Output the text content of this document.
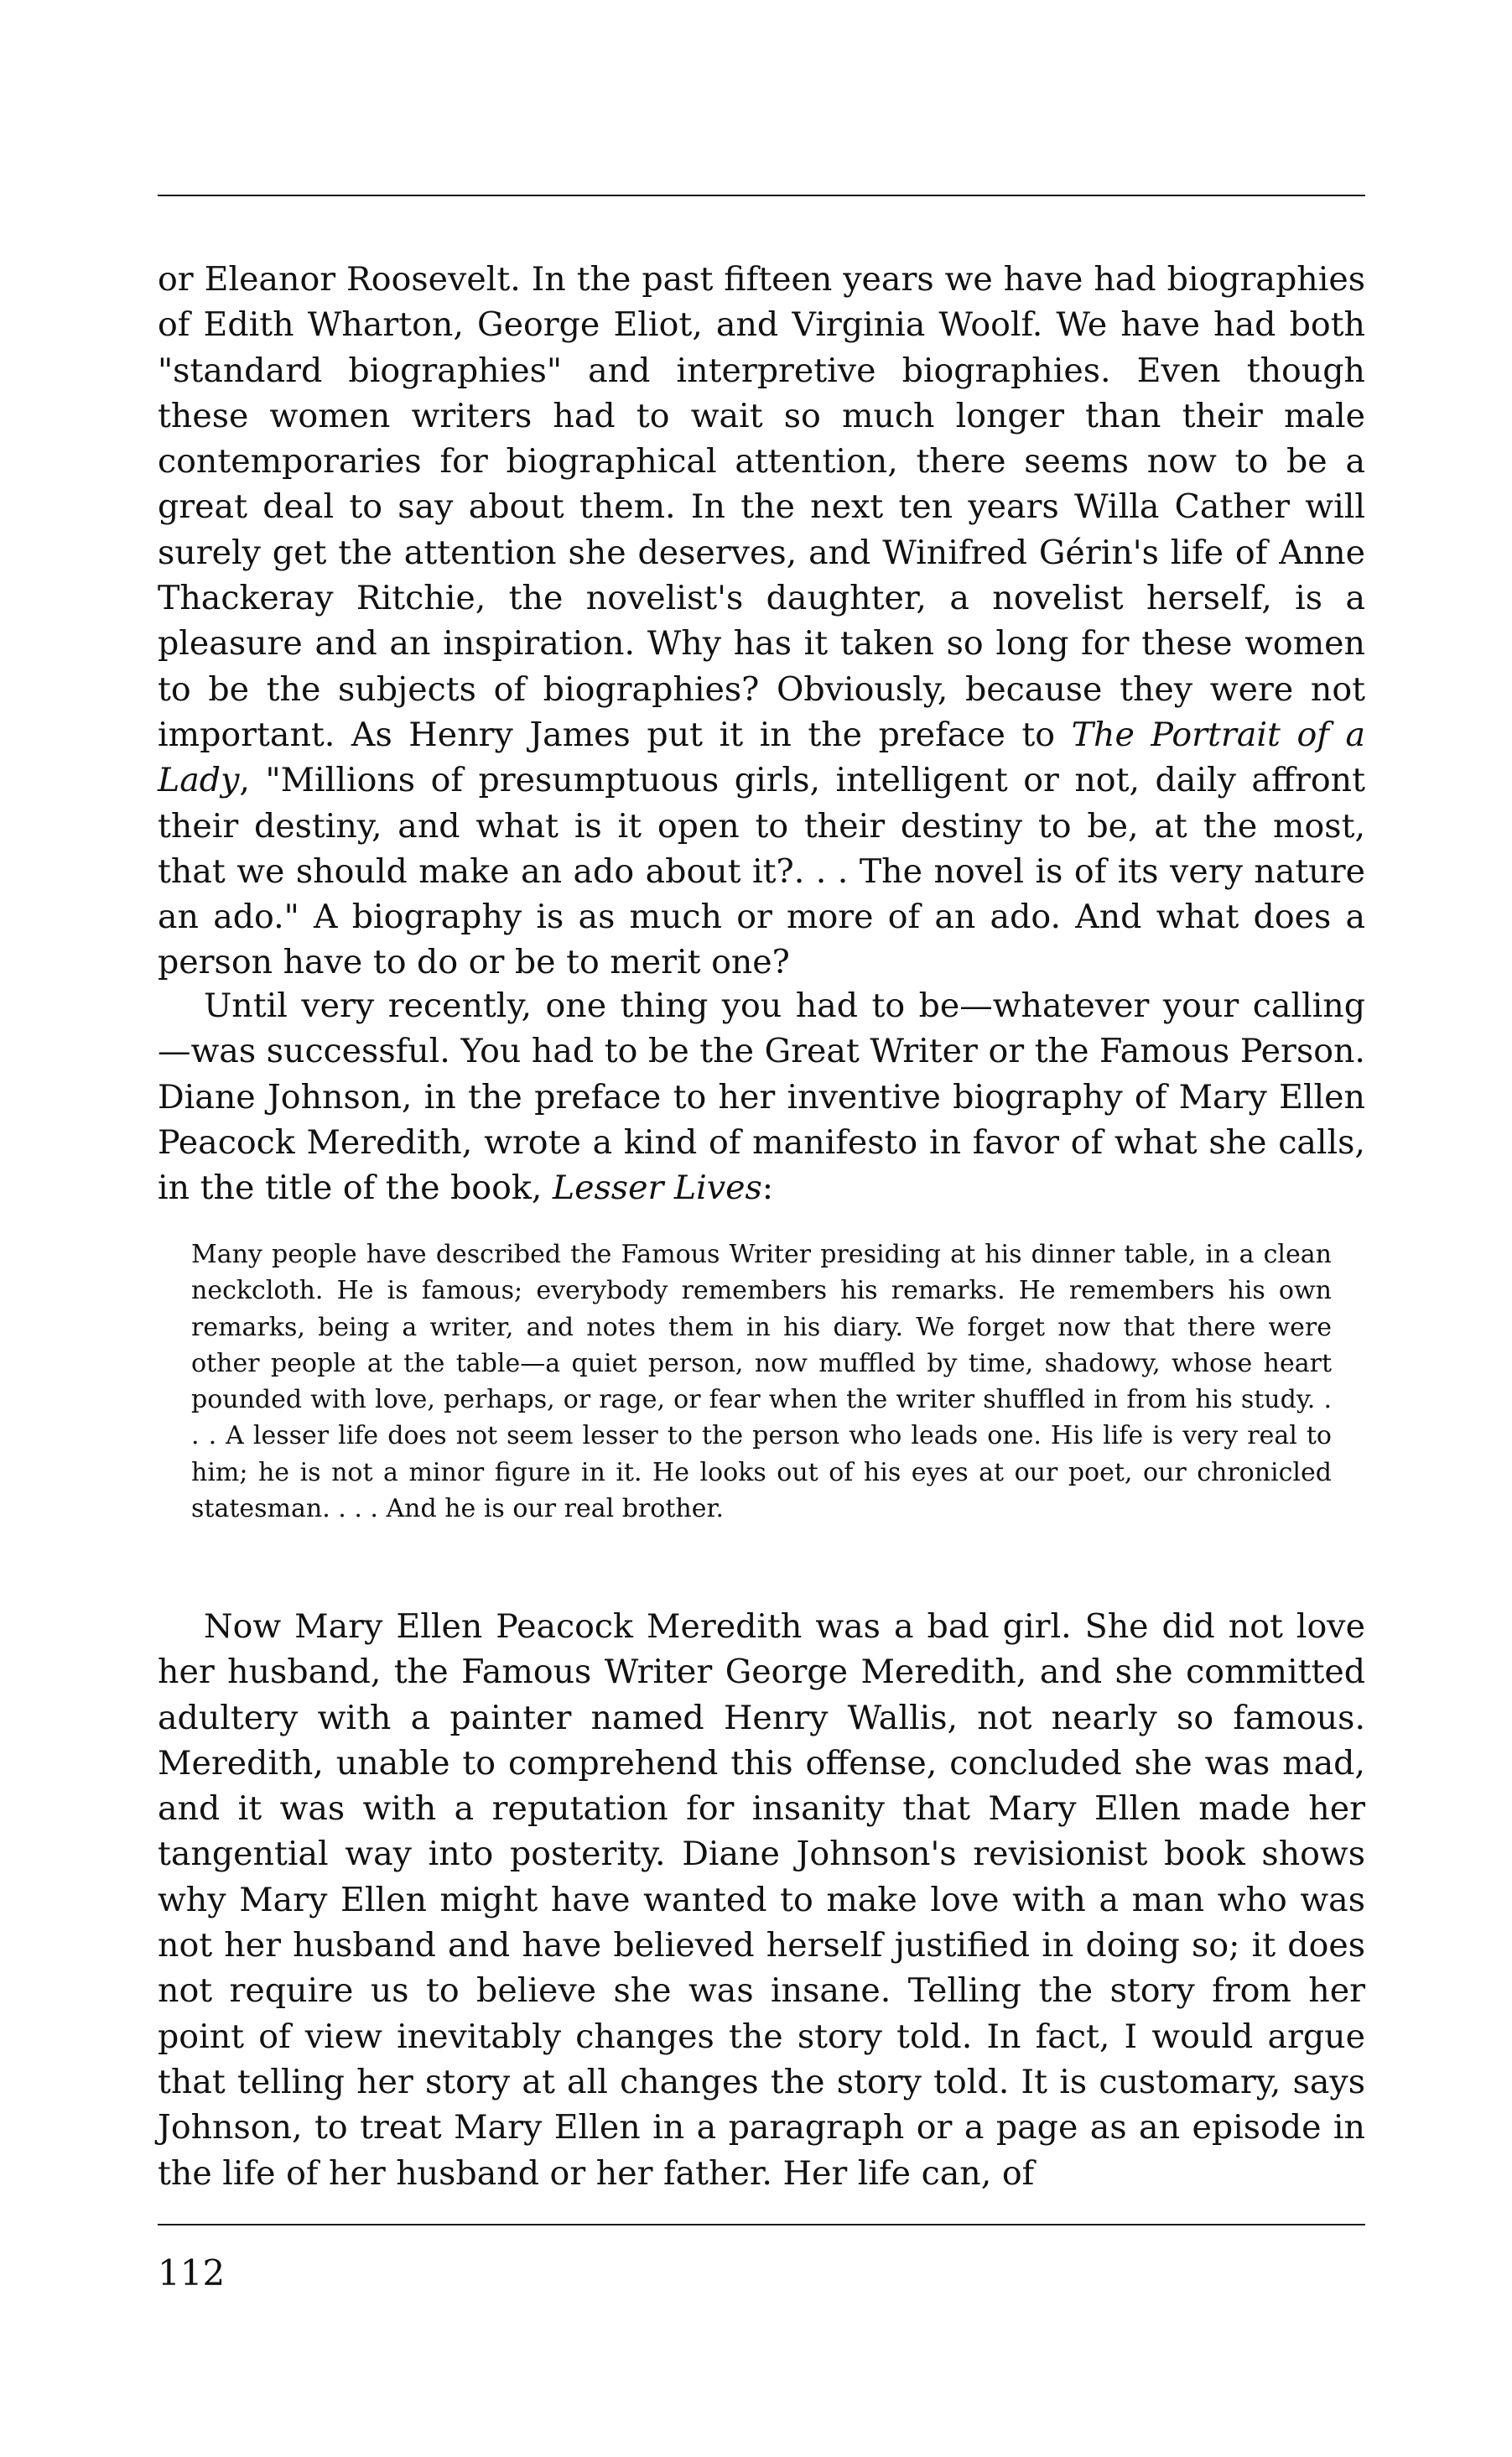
or Eleanor Roosevelt. In the past fifteen years we have had biographies of Edith Wharton, George Eliot, and Virginia Woolf. We have had both "standard biographies" and interpretive biographies. Even though these women writers had to wait so much longer than their male contemporaries for biographical attention, there seems now to be a great deal to say about them. In the next ten years Willa Cather will surely get the attention she deserves, and Winifred Gérin's life of Anne Thackeray Ritchie, the novelist's daughter, a novelist herself, is a pleasure and an inspiration. Why has it taken so long for these women to be the subjects of biographies? Obviously, because they were not important. As Henry James put it in the preface to The Portrait of a Lady, "Millions of presumptuous girls, intelligent or not, daily affront their destiny, and what is it open to their destiny to be, at the most, that we should make an ado about it?. . . The novel is of its very nature an ado." A biography is as much or more of an ado. And what does a person have to do or be to merit one?

Until very recently, one thing you had to be—whatever your calling—was successful. You had to be the Great Writer or the Famous Person. Diane Johnson, in the preface to her inventive biography of Mary Ellen Peacock Meredith, wrote a kind of manifesto in favor of what she calls, in the title of the book, Lesser Lives:

Many people have described the Famous Writer presiding at his dinner table, in a clean neckcloth. He is famous; everybody remembers his remarks. He remembers his own remarks, being a writer, and notes them in his diary. We forget now that there were other people at the table—a quiet person, now muffled by time, shadowy, whose heart pounded with love, perhaps, or rage, or fear when the writer shuffled in from his study. . . . A lesser life does not seem lesser to the person who leads one. His life is very real to him; he is not a minor figure in it. He looks out of his eyes at our poet, our chronicled statesman. . . . And he is our real brother.

Now Mary Ellen Peacock Meredith was a bad girl. She did not love her husband, the Famous Writer George Meredith, and she committed adultery with a painter named Henry Wallis, not nearly so famous. Meredith, unable to comprehend this offense, concluded she was mad, and it was with a reputation for insanity that Mary Ellen made her tangential way into posterity. Diane Johnson's revisionist book shows why Mary Ellen might have wanted to make love with a man who was not her husband and have believed herself justified in doing so; it does not require us to believe she was insane. Telling the story from her point of view inevitably changes the story told. In fact, I would argue that telling her story at all changes the story told. It is customary, says Johnson, to treat Mary Ellen in a paragraph or a page as an episode in the life of her husband or her father. Her life can, of

112
